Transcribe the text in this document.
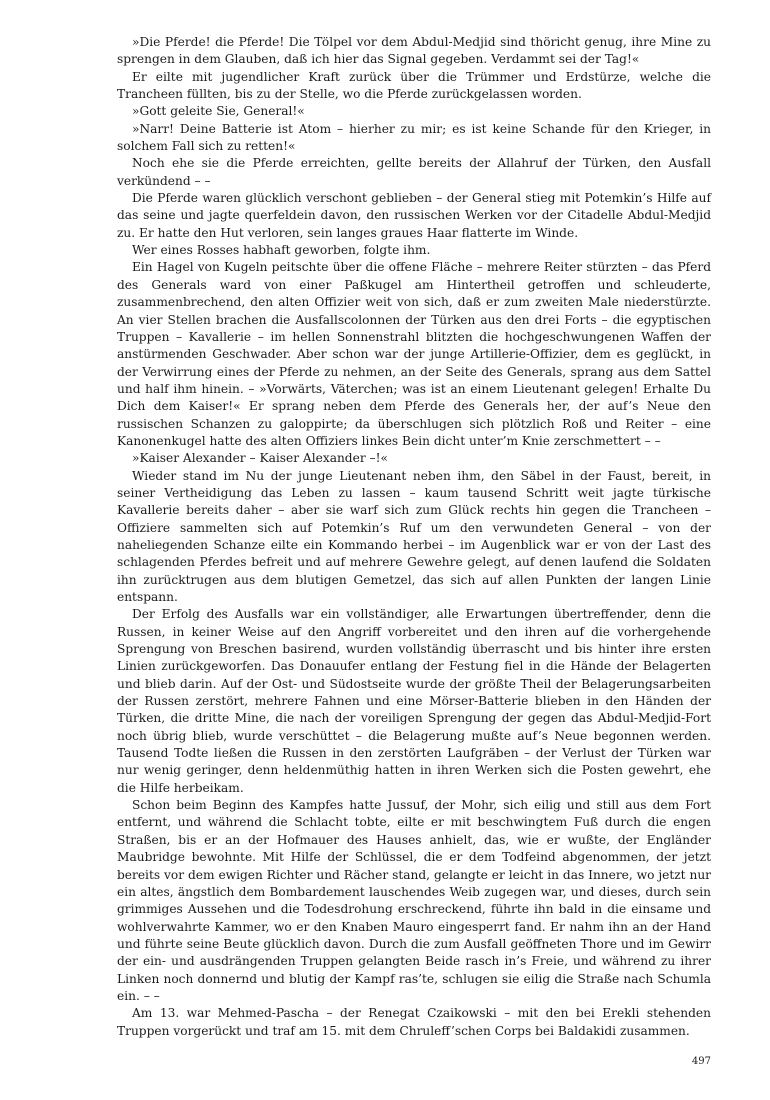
»Die Pferde! die Pferde! Die Tölpel vor dem Abdul-Medjid sind thöricht genug, ihre Mine zu sprengen in dem Glauben, daß ich hier das Signal gegeben. Verdammt sei der Tag!«

Er eilte mit jugendlicher Kraft zurück über die Trümmer und Erdstürze, welche die Trancheen füllten, bis zu der Stelle, wo die Pferde zurückgelassen worden.

»Gott geleite Sie, General!«

»Narr! Deine Batterie ist Atom – hierher zu mir; es ist keine Schande für den Krieger, in solchem Fall sich zu retten!«

Noch ehe sie die Pferde erreichten, gellte bereits der Allahruf der Türken, den Ausfall verkündend – –

Die Pferde waren glücklich verschont geblieben – der General stieg mit Potemkin’s Hilfe auf das seine und jagte querfeldein davon, den russischen Werken vor der Citadelle Abdul-Medjid zu. Er hatte den Hut verloren, sein langes graues Haar flatterte im Winde.

Wer eines Rosses habhaft geworben, folgte ihm.

Ein Hagel von Kugeln peitschte über die offene Fläche – mehrere Reiter stürzten – das Pferd des Generals ward von einer Paßkugel am Hintertheil getroffen und schleuderte, zusammenbrechend, den alten Offizier weit von sich, daß er zum zweiten Male niederstürzte. An vier Stellen brachen die Ausfallscolonnen der Türken aus den drei Forts – die egyptischen Truppen – Kavallerie – im hellen Sonnenstrahl blitzten die hochgeschwungenen Waffen der anstürmenden Geschwader. Aber schon war der junge Artillerie-Offizier, dem es geglückt, in der Verwirrung eines der Pferde zu nehmen, an der Seite des Generals, sprang aus dem Sattel und half ihm hinein. – »Vorwärts, Väterchen; was ist an einem Lieutenant gelegen! Erhalte Du Dich dem Kaiser!« Er sprang neben dem Pferde des Generals her, der auf’s Neue den russischen Schanzen zu galoppirte; da überschlugen sich plötzlich Roß und Reiter – eine Kanonenkugel hatte des alten Offiziers linkes Bein dicht unter’m Knie zerschmettert – –

»Kaiser Alexander – Kaiser Alexander –!«

Wieder stand im Nu der junge Lieutenant neben ihm, den Säbel in der Faust, bereit, in seiner Vertheidigung das Leben zu lassen – kaum tausend Schritt weit jagte türkische Kavallerie bereits daher – aber sie warf sich zum Glück rechts hin gegen die Trancheen – Offiziere sammelten sich auf Potemkin’s Ruf um den verwundeten General – von der naheliegenden Schanze eilte ein Kommando herbei – im Augenblick war er von der Last des schlagenden Pferdes befreit und auf mehrere Gewehre gelegt, auf denen laufend die Soldaten ihn zurücktrugen aus dem blutigen Gemetzel, das sich auf allen Punkten der langen Linie entspann.

Der Erfolg des Ausfalls war ein vollständiger, alle Erwartungen übertreffender, denn die Russen, in keiner Weise auf den Angriff vorbereitet und den ihren auf die vorhergehende Sprengung von Breschen basirend, wurden vollständig überrascht und bis hinter ihre ersten Linien zurückgeworfen. Das Donauufer entlang der Festung fiel in die Hände der Belagerten und blieb darin. Auf der Ost- und Südostseite wurde der größte Theil der Belagerungsarbeiten der Russen zerstört, mehrere Fahnen und eine Mörser-Batterie blieben in den Händen der Türken, die dritte Mine, die nach der voreiligen Sprengung der gegen das Abdul-Medjid-Fort noch übrig blieb, wurde verschüttet – die Belagerung mußte auf’s Neue begonnen werden. Tausend Todte ließen die Russen in den zerstörten Laufgräben – der Verlust der Türken war nur wenig geringer, denn heldenmüthig hatten in ihren Werken sich die Posten gewehrt, ehe die Hilfe herbeikam.

Schon beim Beginn des Kampfes hatte Jussuf, der Mohr, sich eilig und still aus dem Fort entfernt, und während die Schlacht tobte, eilte er mit beschwingtem Fuß durch die engen Straßen, bis er an der Hofmauer des Hauses anhielt, das, wie er wußte, der Engländer Maubridge bewohnte. Mit Hilfe der Schlüssel, die er dem Todfeind abgenommen, der jetzt bereits vor dem ewigen Richter und Rächer stand, gelangte er leicht in das Innere, wo jetzt nur ein altes, ängstlich dem Bombardement lauschendes Weib zugegen war, und dieses, durch sein grimmiges Aussehen und die Todesdrohung erschreckend, führte ihn bald in die einsame und wohlverwahrte Kammer, wo er den Knaben Mauro eingesperrt fand. Er nahm ihn an der Hand und führte seine Beute glücklich davon. Durch die zum Ausfall geöffneten Thore und im Gewirr der ein- und ausdrängenden Truppen gelangten Beide rasch in’s Freie, und während zu ihrer Linken noch donnernd und blutig der Kampf ras’te, schlugen sie eilig die Straße nach Schumla ein. – –

Am 13. war Mehmed-Pascha – der Renegat Czaikowski – mit den bei Erekli stehenden Truppen vorgerückt und traf am 15. mit dem Chruleff’schen Corps bei Baldakidi zusammen.

497
